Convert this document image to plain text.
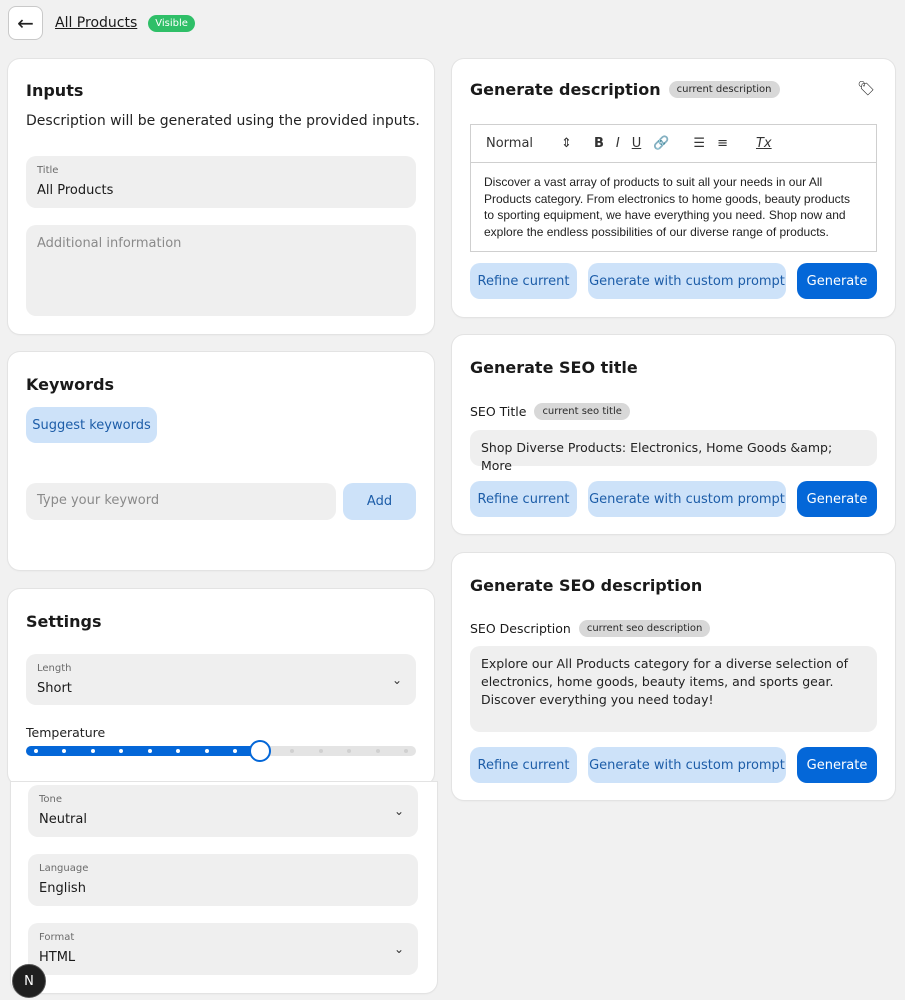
← All Products	Visible
Inputs
Description will be generated using the provided inputs.
Title
All Products
Additional information
Keywords
Suggest keywords
Type your keyword	Add
Settings
Length
Short
⌄
Temperature
Tone
Neutral
⌄
Language
English
Format
HTML
⌄
Generate description	current description	🏷
Normal ⇕ B I U 🔗 ☰ ≡ Tx
Discover a vast array of products to suit all your needs in our All Products category. From electronics to home goods, beauty products to sporting equipment, we have everything you need. Shop now and explore the endless possibilities of our diverse range of products.
Refine current	Generate with custom prompt	Generate
Generate SEO title
SEO Title	current seo title
Shop Diverse Products: Electronics, Home Goods &amp; More
Refine current	Generate with custom prompt	Generate
Generate SEO description
SEO Description	current seo description
Explore our All Products category for a diverse selection of electronics, home goods, beauty items, and sports gear. Discover everything you need today!
Refine current	Generate with custom prompt	Generate
N
